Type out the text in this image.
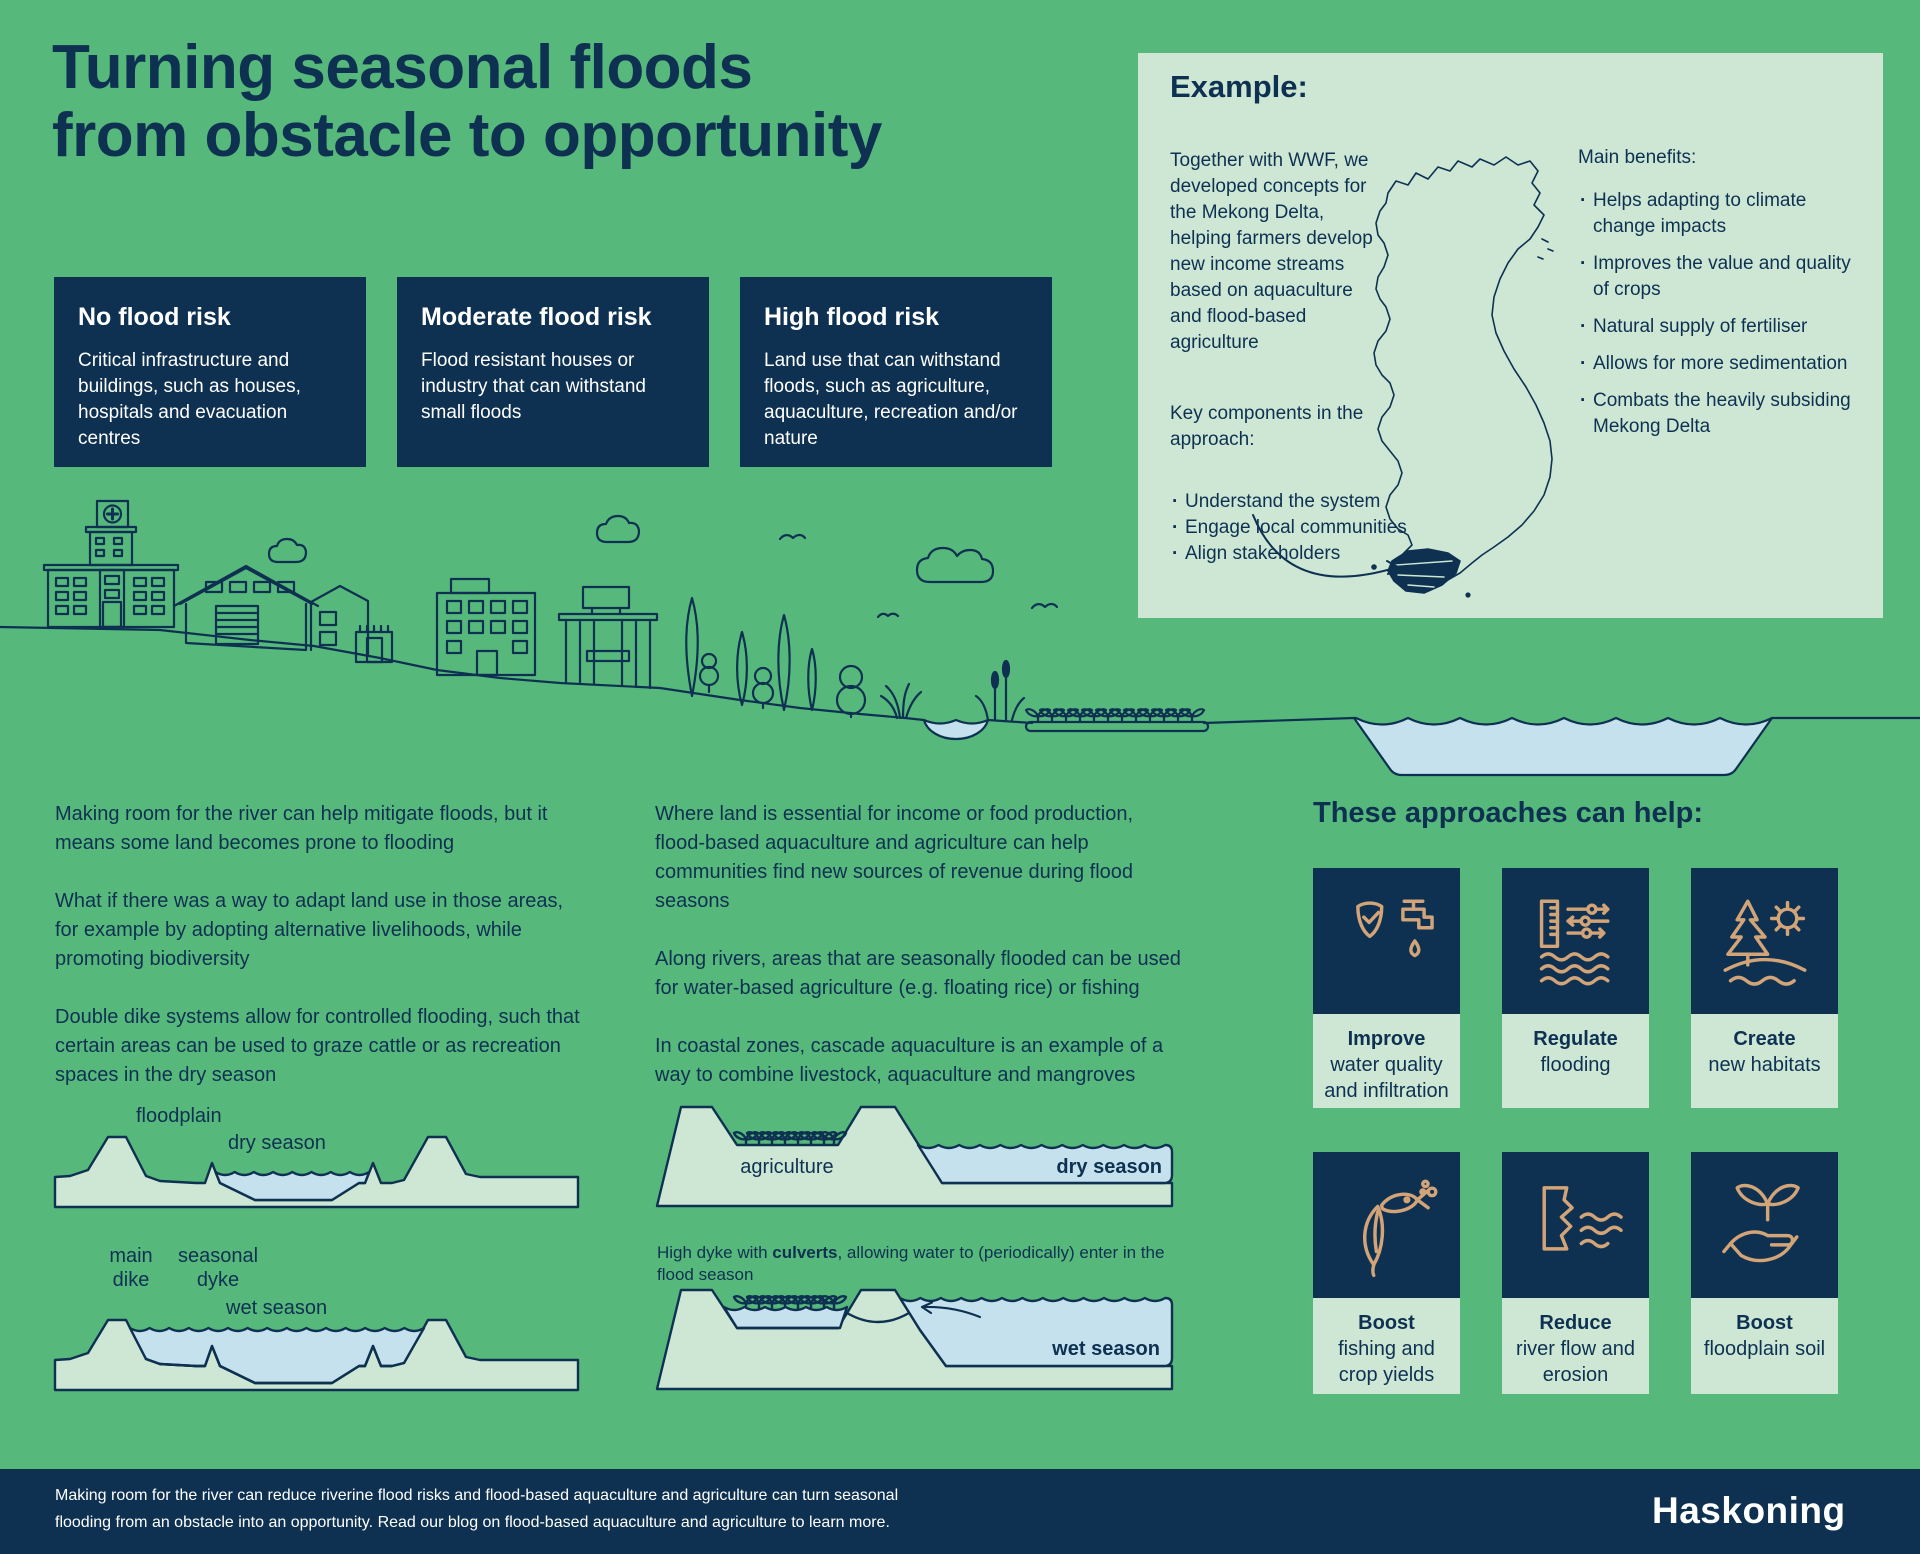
Turning seasonal floods
from obstacle to opportunity
No flood risk

Critical infrastructure and buildings, such as houses, hospitals and evacuation centres

Moderate flood risk

Flood resistant houses or industry that can withstand small floods

High flood risk

Land use that can withstand floods, such as agriculture, aquaculture, recreation and/or nature

Example:

Together with WWF, we developed concepts for the Mekong Delta, helping farmers develop new income streams based on aquaculture and flood-based agriculture

Key components in the approach:

· Understand the system
· Engage local communities
· Align stakeholders

Main benefits:

· Helps adapting to climate change impacts
· Improves the value and quality of crops
· Natural supply of fertiliser
· Allows for more sedimentation
· Combats the heavily subsiding Mekong Delta

Making room for the river can help mitigate floods, but it means some land becomes prone to flooding

What if there was a way to adapt land use in those areas, for example by adopting alternative livelihoods, while promoting biodiversity

Double dike systems allow for controlled flooding, such that certain areas can be used to graze cattle or as recreation spaces in the dry season

Where land is essential for income or food production, flood-based aquaculture and agriculture can help communities find new sources of revenue during flood seasons

Along rivers, areas that are seasonally flooded can be used for water-based agriculture (e.g. floating rice) or fishing

In coastal zones, cascade aquaculture is an example of a way to combine livestock, aquaculture and mangroves

floodplain
dry season
main dike
seasonal dyke
wet season
agriculture	dry season

High dyke with culverts, allowing water to (periodically) enter in the flood season

wet season
These approaches can help:
Improve
water quality and infiltration
Regulate
flooding
Create
new habitats
Boost
fishing and crop yields
Reduce
river flow and erosion
Boost
floodplain soil
Making room for the river can reduce riverine flood risks and flood-based aquaculture and agriculture can turn seasonal
flooding from an obstacle into an opportunity. Read our blog on flood-based aquaculture and agriculture to learn more.	Haskoning
